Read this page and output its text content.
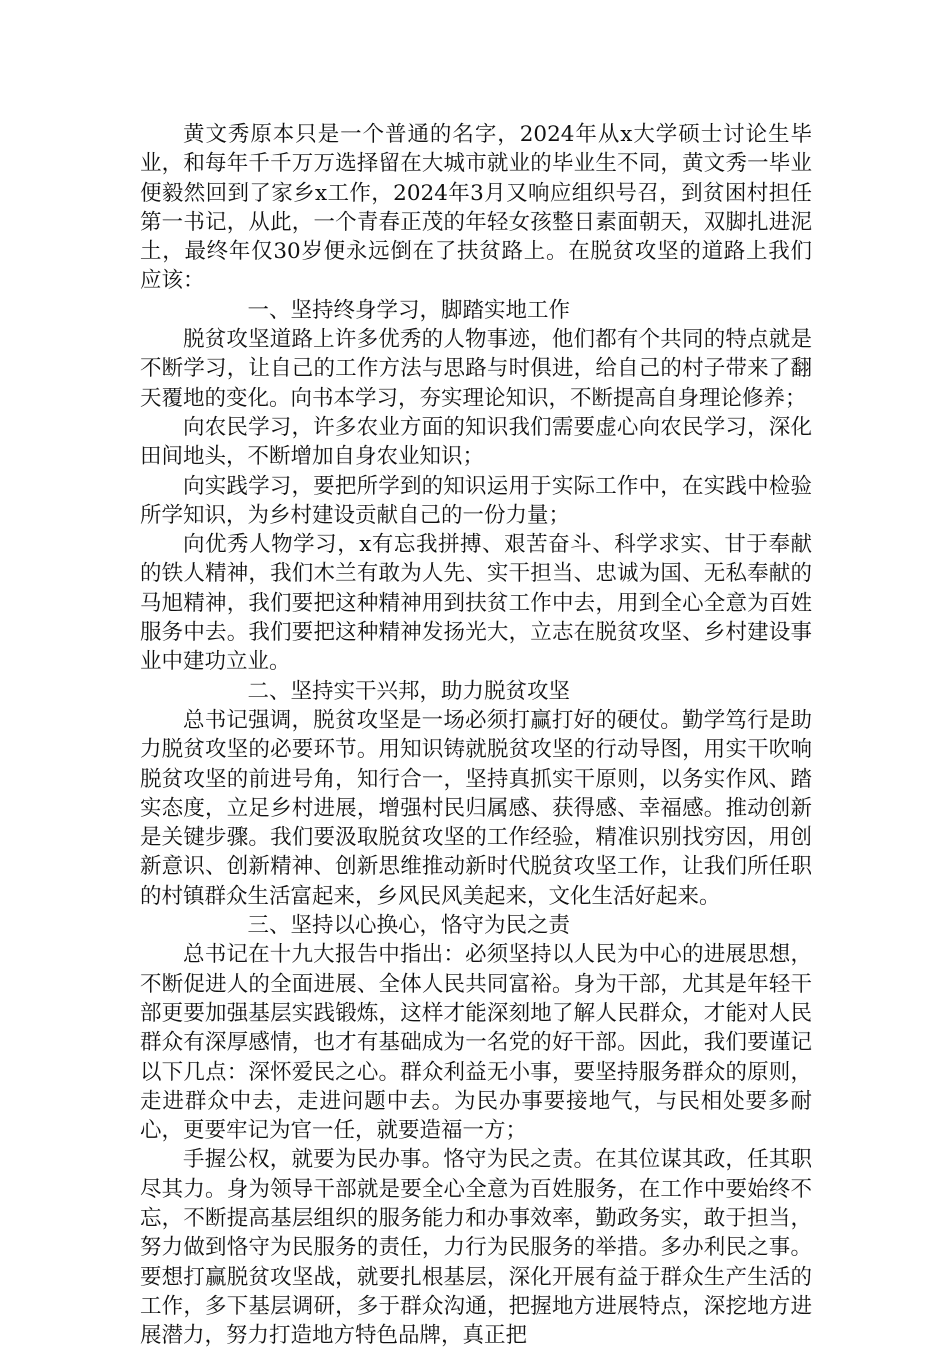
黄文秀原本只是一个普通的名字，2024年从x大学硕士讨论生毕业，和每年千千万万选择留在大城市就业的毕业生不同，黄文秀一毕业便毅然回到了家乡x工作，2024年3月又响应组织号召，到贫困村担任第一书记，从此，一个青春正茂的年轻女孩整日素面朝天，双脚扎进泥土，最终年仅30岁便永远倒在了扶贫路上。在脱贫攻坚的道路上我们应该：

一、坚持终身学习，脚踏实地工作

脱贫攻坚道路上许多优秀的人物事迹，他们都有个共同的特点就是不断学习，让自己的工作方法与思路与时俱进，给自己的村子带来了翻天覆地的变化。向书本学习，夯实理论知识，不断提高自身理论修养；

向农民学习，许多农业方面的知识我们需要虚心向农民学习，深化田间地头，不断增加自身农业知识；

向实践学习，要把所学到的知识运用于实际工作中，在实践中检验所学知识，为乡村建设贡献自己的一份力量；

向优秀人物学习，x有忘我拼搏、艰苦奋斗、科学求实、甘于奉献的铁人精神，我们木兰有敢为人先、实干担当、忠诚为国、无私奉献的马旭精神，我们要把这种精神用到扶贫工作中去，用到全心全意为百姓服务中去。我们要把这种精神发扬光大，立志在脱贫攻坚、乡村建设事业中建功立业。

二、坚持实干兴邦，助力脱贫攻坚

总书记强调，脱贫攻坚是一场必须打赢打好的硬仗。勤学笃行是助力脱贫攻坚的必要环节。用知识铸就脱贫攻坚的行动导图，用实干吹响脱贫攻坚的前进号角，知行合一，坚持真抓实干原则，以务实作风、踏实态度，立足乡村进展，增强村民归属感、获得感、幸福感。推动创新是关键步骤。我们要汲取脱贫攻坚的工作经验，精准识别找穷因，用创新意识、创新精神、创新思维推动新时代脱贫攻坚工作，让我们所任职的村镇群众生活富起来，乡风民风美起来，文化生活好起来。

三、坚持以心换心，恪守为民之责

总书记在十九大报告中指出：必须坚持以人民为中心的进展思想，不断促进人的全面进展、全体人民共同富裕。身为干部，尤其是年轻干部更要加强基层实践锻炼，这样才能深刻地了解人民群众，才能对人民群众有深厚感情，也才有基础成为一名党的好干部。因此，我们要谨记以下几点：深怀爱民之心。群众利益无小事，要坚持服务群众的原则，走进群众中去，走进问题中去。为民办事要接地气，与民相处要多耐心，更要牢记为官一任，就要造福一方；

手握公权，就要为民办事。恪守为民之责。在其位谋其政，任其职尽其力。身为领导干部就是要全心全意为百姓服务，在工作中要始终不忘，不断提高基层组织的服务能力和办事效率，勤政务实，敢于担当，努力做到恪守为民服务的责任，力行为民服务的举措。多办利民之事。要想打赢脱贫攻坚战，就要扎根基层，深化开展有益于群众生产生活的工作，多下基层调研，多于群众沟通，把握地方进展特点，深挖地方进展潜力，努力打造地方特色品牌，真正把
